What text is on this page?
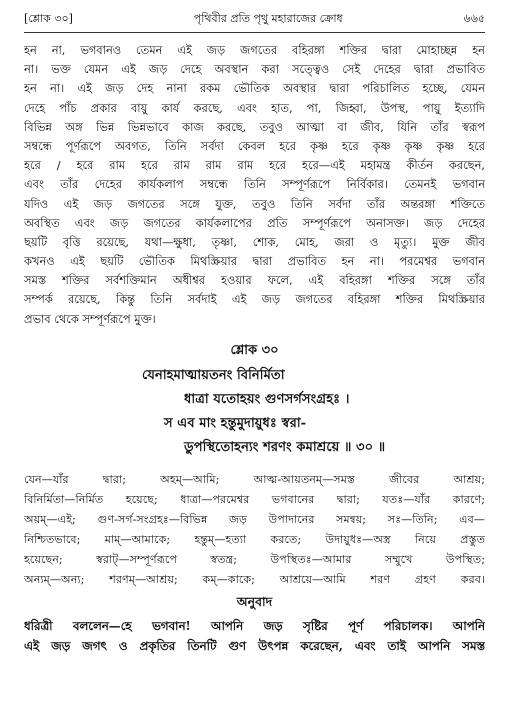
[শ্লোক ৩০]	পৃথিবীর প্রতি পৃথু মহারাজের ক্রোধ	৬৬৫
হন না, ভগবানও তেমন এই জড় জগতের বহিরঙ্গা শক্তির দ্বারা মোহাচ্ছন্ন হন
না। ভক্ত যেমন এই জড় দেহে অবস্থান করা সত্ত্বেও সেই দেহের দ্বারা প্রভাবিত
হন না। এই জড় দেহ নানা রকম ভৌতিক অবস্থার দ্বারা পরিচালিত হচ্ছে, যেমন
দেহে পাঁচ প্রকার বায়ু কার্য করছে, এবং হাত, পা, জিহ্বা, উপস্থ, পায়ু ইত্যাদি
বিভিন্ন অঙ্গ ভিন্ন ভিন্নভাবে কাজ করছে, তবুও আত্মা বা জীব, যিনি তাঁর স্বরূপ
সম্বন্ধে পূর্ণরূপে অবগত, তিনি সর্বদা কেবল হরে কৃষ্ণ হরে কৃষ্ণ কৃষ্ণ কৃষ্ণ হরে
হরে / হরে রাম হরে রাম রাম রাম হরে হরে—এই মহামন্ত্র কীর্তন করছেন,
এবং তাঁর দেহের কার্যকলাপ সম্বন্ধে তিনি সম্পূর্ণরূপে নির্বিকার। তেমনই ভগবান
যদিও এই জড় জগতের সঙ্গে যুক্ত, তবুও তিনি সর্বদা তাঁর অন্তরঙ্গা শক্তিতে
অবস্থিত এবং জড় জগতের কার্যকলাপের প্রতি সম্পূর্ণরূপে অনাসক্ত। জড় দেহের
ছয়টি বৃত্তি রয়েছে, যথা—ক্ষুধা, তৃষ্ণা, শোক, মোহ, জরা ও মৃত্যু। মুক্ত জীব
কখনও এই ছয়টি ভৌতিক মিথস্ক্রিয়ার দ্বারা প্রভাবিত হন না। পরমেশ্বর ভগবান
সমস্ত শক্তির সর্বশক্তিমান অধীশ্বর হওয়ার ফলে, এই বহিরঙ্গা শক্তির সঙ্গে তাঁর
সম্পর্ক রয়েছে, কিন্তু তিনি সর্বদাই এই জড় জগতের বহিরঙ্গা শক্তির মিথস্ক্রিয়ার
প্রভাব থেকে সম্পূর্ণরূপে মুক্ত।
শ্লোক ৩০
যেনাহমাত্মায়তনং বিনির্মিতা
ধাত্রা যতোহয়ং গুণসর্গসংগ্রহঃ ।
স এব মাং হন্তুমুদায়ুধঃ স্বরা-
ডুপস্থিতোহন্যং শরণং কমাশ্রয়ে ॥ ৩০ ॥
যেন—যাঁর দ্বারা; অহম্—আমি; আত্ম-আয়তনম্—সমস্ত জীবের আশ্রয়;
বিনির্মিতা—নির্মিত হয়েছে; ধাত্রা—পরমেশ্বর ভগবানের দ্বারা; যতঃ—যাঁর কারণে;
অয়ম্—এই; গুণ-সর্গ-সংগ্রহঃ—বিভিন্ন জড় উপাদানের সমন্বয়; সঃ—তিনি; এব—
নিশ্চিতভাবে; মাম্—আমাকে; হন্তুম্—হত্যা করতে; উদায়ুধঃ—অস্ত্র নিয়ে প্রস্তুত
হয়েছেন; স্বরাট্—সম্পূর্ণরূপে স্বতন্ত্র; উপস্থিতঃ—আমার সম্মুখে উপস্থিত;
অন্যম্—অন্য; শরণম্—আশ্রয়; কম্—কাকে; আশ্রয়ে—আমি শরণ গ্রহণ করব।
অনুবাদ
ধরিত্রী বললেন—হে ভগবান! আপনি জড় সৃষ্টির পূর্ণ পরিচালক। আপনি
এই জড় জগৎ ও প্রকৃতির তিনটি গুণ উৎপন্ন করেছেন, এবং তাই আপনি সমস্ত
